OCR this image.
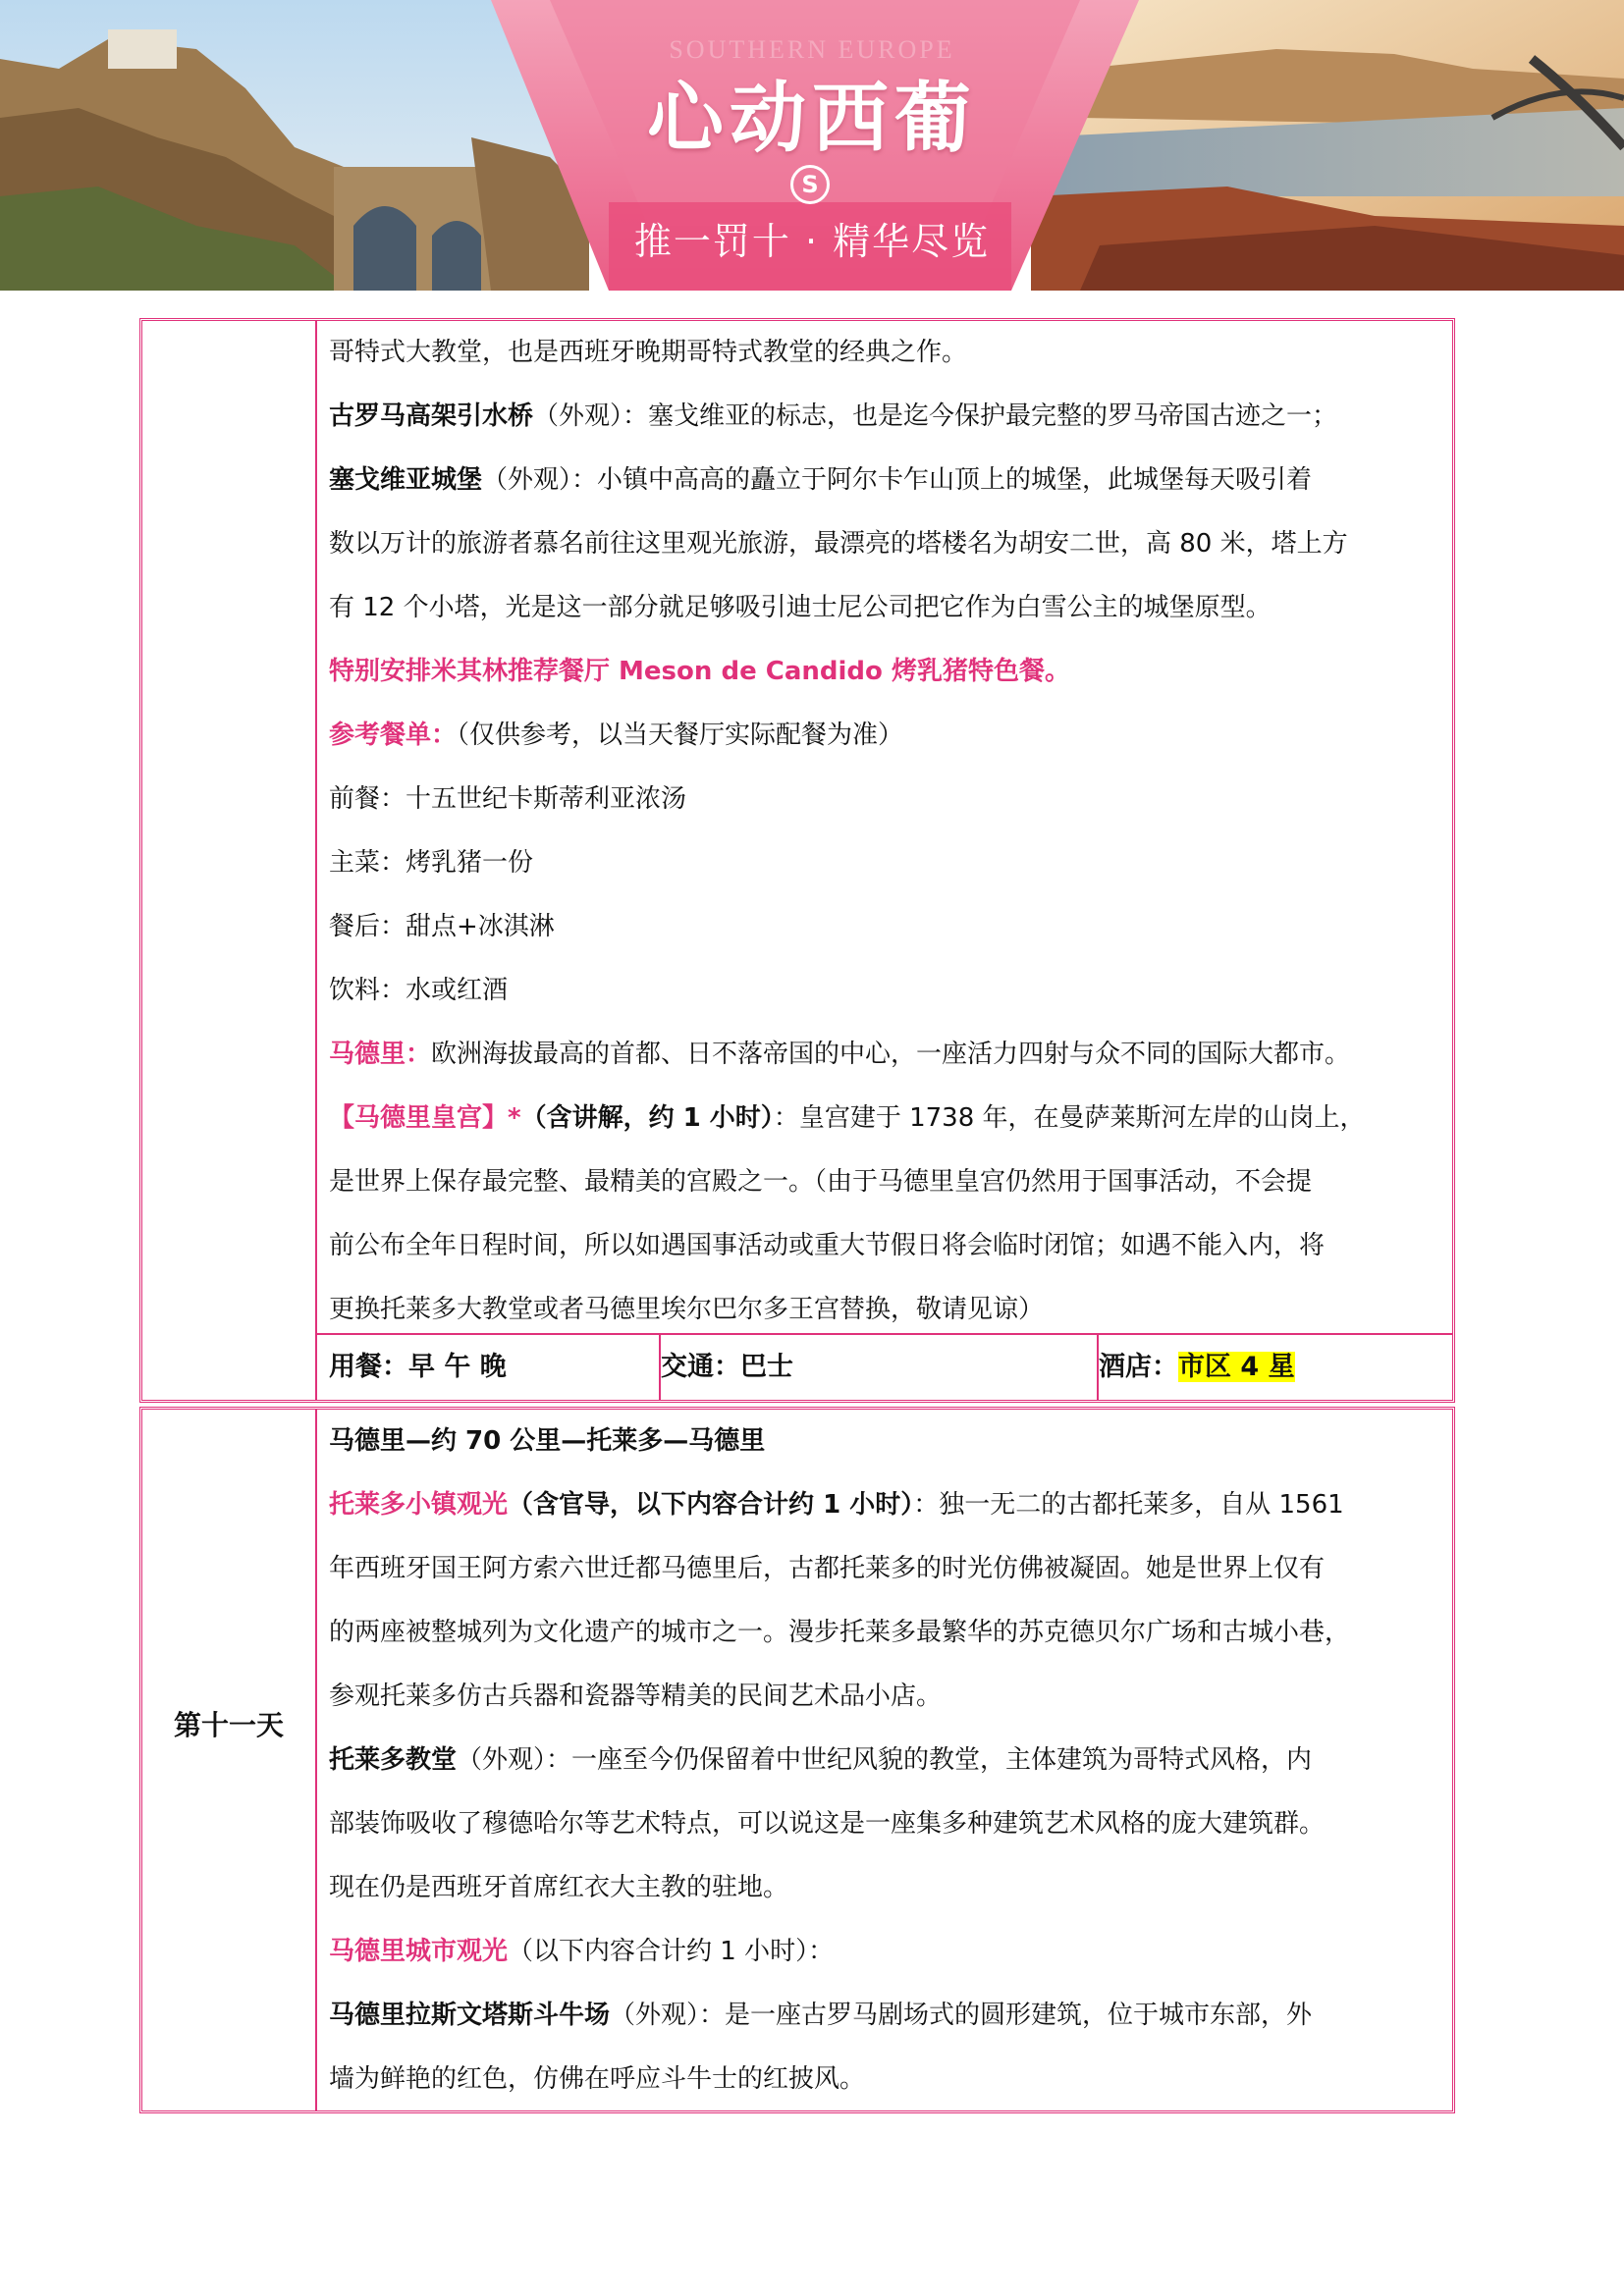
SOUTHERN EUROPE
心动西葡
S
推一罚十 · 精华尽览
哥特式大教堂，也是西班牙晚期哥特式教堂的经典之作。
古罗马高架引水桥（外观）：塞戈维亚的标志，也是迄今保护最完整的罗马帝国古迹之一；
塞戈维亚城堡（外观）：小镇中高高的矗立于阿尔卡乍山顶上的城堡，此城堡每天吸引着
数以万计的旅游者慕名前往这里观光旅游，最漂亮的塔楼名为胡安二世，高 80 米，塔上方
有 12 个小塔，光是这一部分就足够吸引迪士尼公司把它作为白雪公主的城堡原型。
特别安排米其林推荐餐厅 Meson de Candido 烤乳猪特色餐。
参考餐单：（仅供参考，以当天餐厅实际配餐为准）
前餐：十五世纪卡斯蒂利亚浓汤
主菜：烤乳猪一份
餐后：甜点+冰淇淋
饮料：水或红酒
马德里：欧洲海拔最高的首都、日不落帝国的中心，一座活力四射与众不同的国际大都市。
【马德里皇宫】*（含讲解，约 1 小时）：皇宫建于 1738 年，在曼萨莱斯河左岸的山岗上，
是世界上保存最完整、最精美的宫殿之一。（由于马德里皇宫仍然用于国事活动，不会提
前公布全年日程时间，所以如遇国事活动或重大节假日将会临时闭馆；如遇不能入内，将
更换托莱多大教堂或者马德里埃尔巴尔多王宫替换，敬请见谅）
用餐：早 午 晚	交通：巴士	酒店：市区 4 星
第十一天
马德里—约 70 公里—托莱多—马德里
托莱多小镇观光（含官导，以下内容合计约 1 小时）：独一无二的古都托莱多，自从 1561
年西班牙国王阿方索六世迁都马德里后，古都托莱多的时光仿佛被凝固。她是世界上仅有
的两座被整城列为文化遗产的城市之一。漫步托莱多最繁华的苏克德贝尔广场和古城小巷，
参观托莱多仿古兵器和瓷器等精美的民间艺术品小店。
托莱多教堂（外观）：一座至今仍保留着中世纪风貌的教堂，主体建筑为哥特式风格，内
部装饰吸收了穆德哈尔等艺术特点，可以说这是一座集多种建筑艺术风格的庞大建筑群。
现在仍是西班牙首席红衣大主教的驻地。
马德里城市观光（以下内容合计约 1 小时）：
马德里拉斯文塔斯斗牛场（外观）：是一座古罗马剧场式的圆形建筑，位于城市东部，外
墙为鲜艳的红色，仿佛在呼应斗牛士的红披风。
